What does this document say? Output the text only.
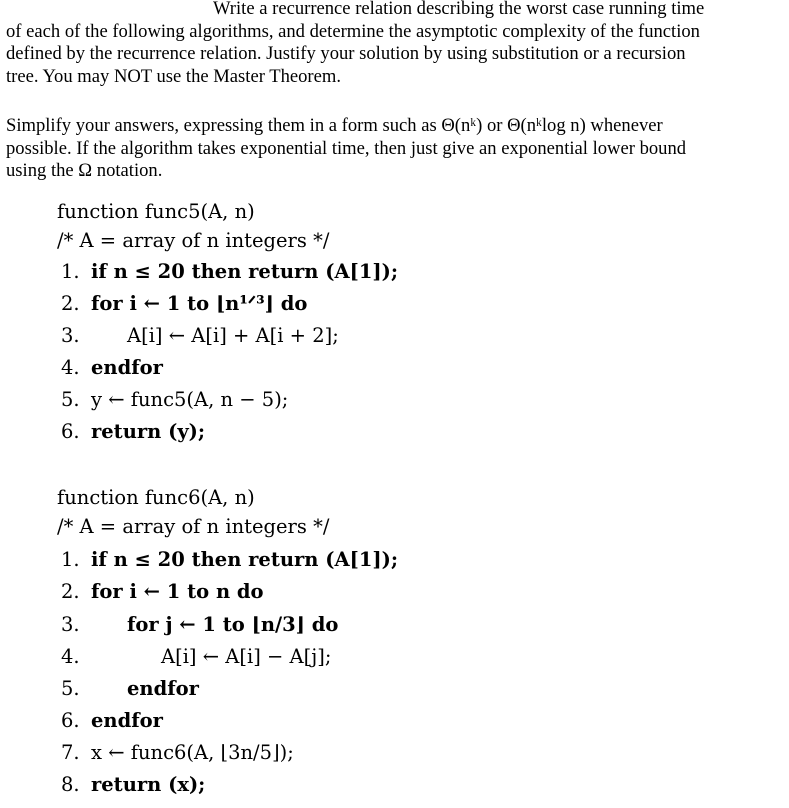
Write a recurrence relation describing the worst case running time
of each of the following algorithms, and determine the asymptotic complexity of the function
defined by the recurrence relation. Justify your solution by using substitution or a recursion
tree. You may NOT use the Master Theorem.
Simplify your answers, expressing them in a form such as Θ(nᵏ) or Θ(nᵏlog n) whenever
possible. If the algorithm takes exponential time, then just give an exponential lower bound
using the Ω notation.
function func5(A, n)
/* A = array of n integers */
1. if n ≤ 20 then return (A[1]);
2. for i ← 1 to ⌊n¹ᐟ³⌋ do
3. A[i] ← A[i] + A[i + 2];
4. endfor
5. y ← func5(A, n − 5);
6. return (y);
function func6(A, n)
/* A = array of n integers */
1. if n ≤ 20 then return (A[1]);
2. for i ← 1 to n do
3. for j ← 1 to ⌊n/3⌋ do
4.	A[i] ← A[i] − A[j];
5. endfor
6. endfor
7. x ← func6(A, ⌊3n/5⌋);
8. return (x);
